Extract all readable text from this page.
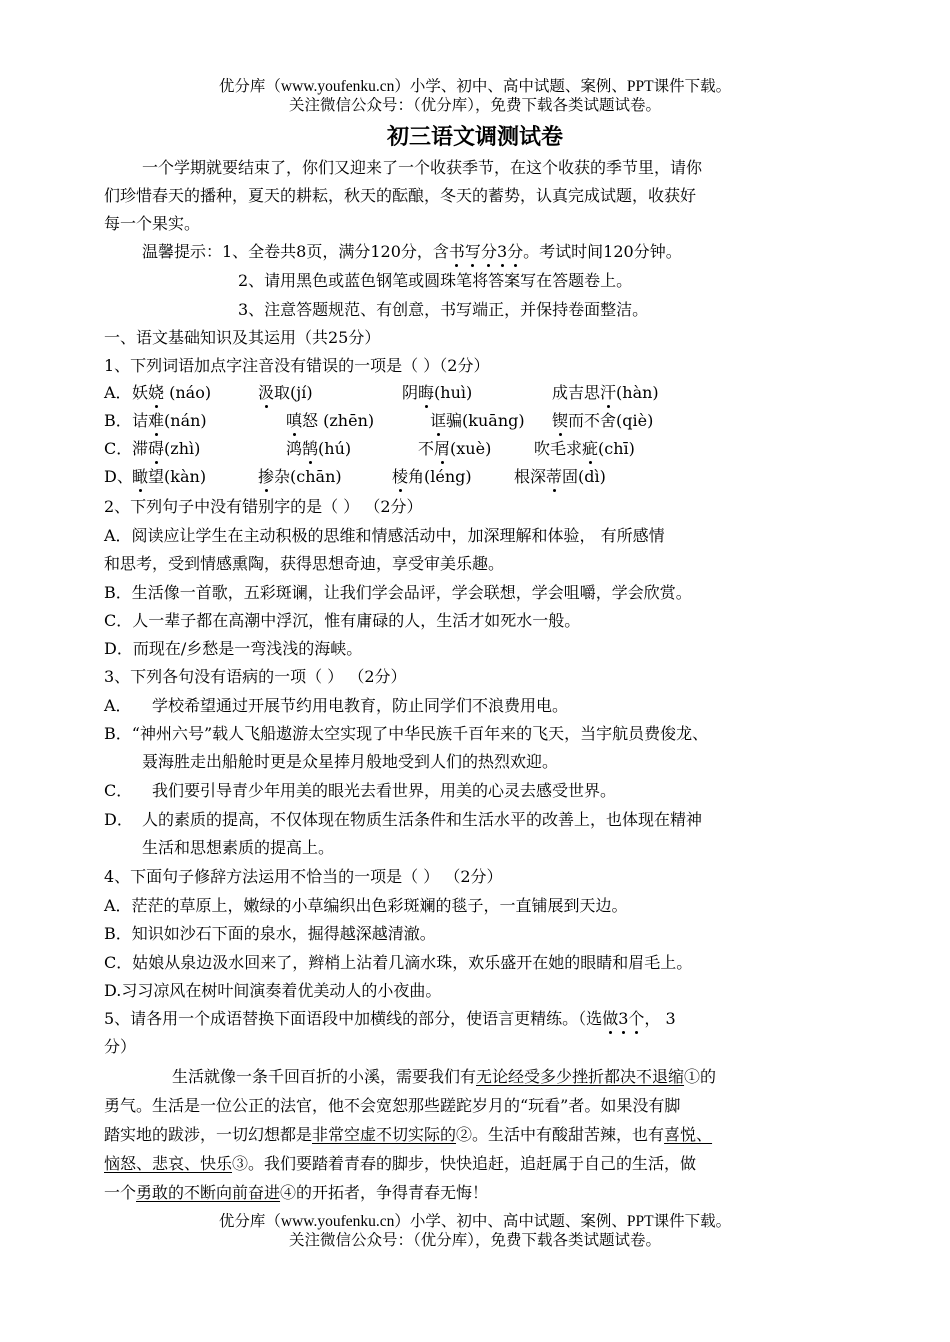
优分库（www.youfenku.cn）小学、初中、高中试题、案例、PPT课件下载。
关注微信公众号：（优分库），免费下载各类试题试卷。
初三语文调测试卷
一个学期就要结束了，你们又迎来了一个收获季节，在这个收获的季节里，请你
们珍惜春天的播种，夏天的耕耘，秋天的酝酿，冬天的蓄势，认真完成试题，收获好
每一个果实。
温馨提示：1、全卷共8页，满分120分，含书写分3分。考试时间120分钟。
2、请用黑色或蓝色钢笔或圆珠笔将答案写在答题卷上。
3、注意答题规范、有创意，书写端正，并保持卷面整洁。
一、语文基础知识及其运用（共25分）
1、下列词语加点字注音没有错误的一项是（ ）（2分）
A． 妖娆 (náo)	汲取(jí)	阴晦(huì)	成吉思汗(hàn)
B． 诘难(nán)	嗔怒 (zhēn)	诓骗(kuāng) 锲而不舍(qiè)
C． 滞碍(zhì)	鸿鹄(hú)	不屑(xuè)	吹毛求疵(chī)
D、 瞰望(kàn)	掺杂(chān)	棱角(léng)	根深蒂固(dì)
2、下列句子中没有错别字的是（ ） （2分）
A．阅读应让学生在主动积极的思维和情感活动中，加深理解和体验， 有所感情
和思考，受到情感熏陶，获得思想奇迪，享受审美乐趣。
B．生活像一首歌，五彩斑谰，让我们学会品评，学会联想，学会咀嚼，学会欣赏。
C．人一辈子都在高潮中浮沉，惟有庸碌的人，生活才如死水一般。
D．而现在/乡愁是一弯浅浅的海峡。
3、下列各句没有语病的一项（ ） （2分）
A． 学校希望通过开展节约用电教育，防止同学们不浪费用电。
B．“神州六号”载人飞船遨游太空实现了中华民族千百年来的飞天，当宇航员费俊龙、
聂海胜走出船舱时更是众星捧月般地受到人们的热烈欢迎。
C． 我们要引导青少年用美的眼光去看世界，用美的心灵去感受世界。
D． 人的素质的提高，不仅体现在物质生活条件和生活水平的改善上，也体现在精神
生活和思想素质的提高上。
4、下面句子修辞方法运用不恰当的一项是（ ） （2分）
A．茫茫的草原上，嫩绿的小草编织出色彩斑斓的毯子，一直铺展到天边。
B．知识如沙石下面的泉水，掘得越深越清澈。
C．姑娘从泉边汲水回来了，辫梢上沾着几滴水珠，欢乐盛开在她的眼睛和眉毛上。
D.习习凉风在树叶间演奏着优美动人的小夜曲。
5、请各用一个成语替换下面语段中加横线的部分，使语言更精练。（选做3个， 3
分）
生活就像一条千回百折的小溪，需要我们有无论经受多少挫折都决不退缩①的
勇气。生活是一位公正的法官，他不会宽恕那些蹉跎岁月的“玩看”者。如果没有脚
踏实地的跋涉，一切幻想都是非常空虚不切实际的②。生活中有酸甜苦辣，也有喜悦、
恼怒、悲哀、快乐③。我们要踏着青春的脚步，快快追赶，追赶属于自己的生活，做
一个勇敢的不断向前奋进④的开拓者，争得青春无悔！
优分库（www.youfenku.cn）小学、初中、高中试题、案例、PPT课件下载。
关注微信公众号：（优分库），免费下载各类试题试卷。
